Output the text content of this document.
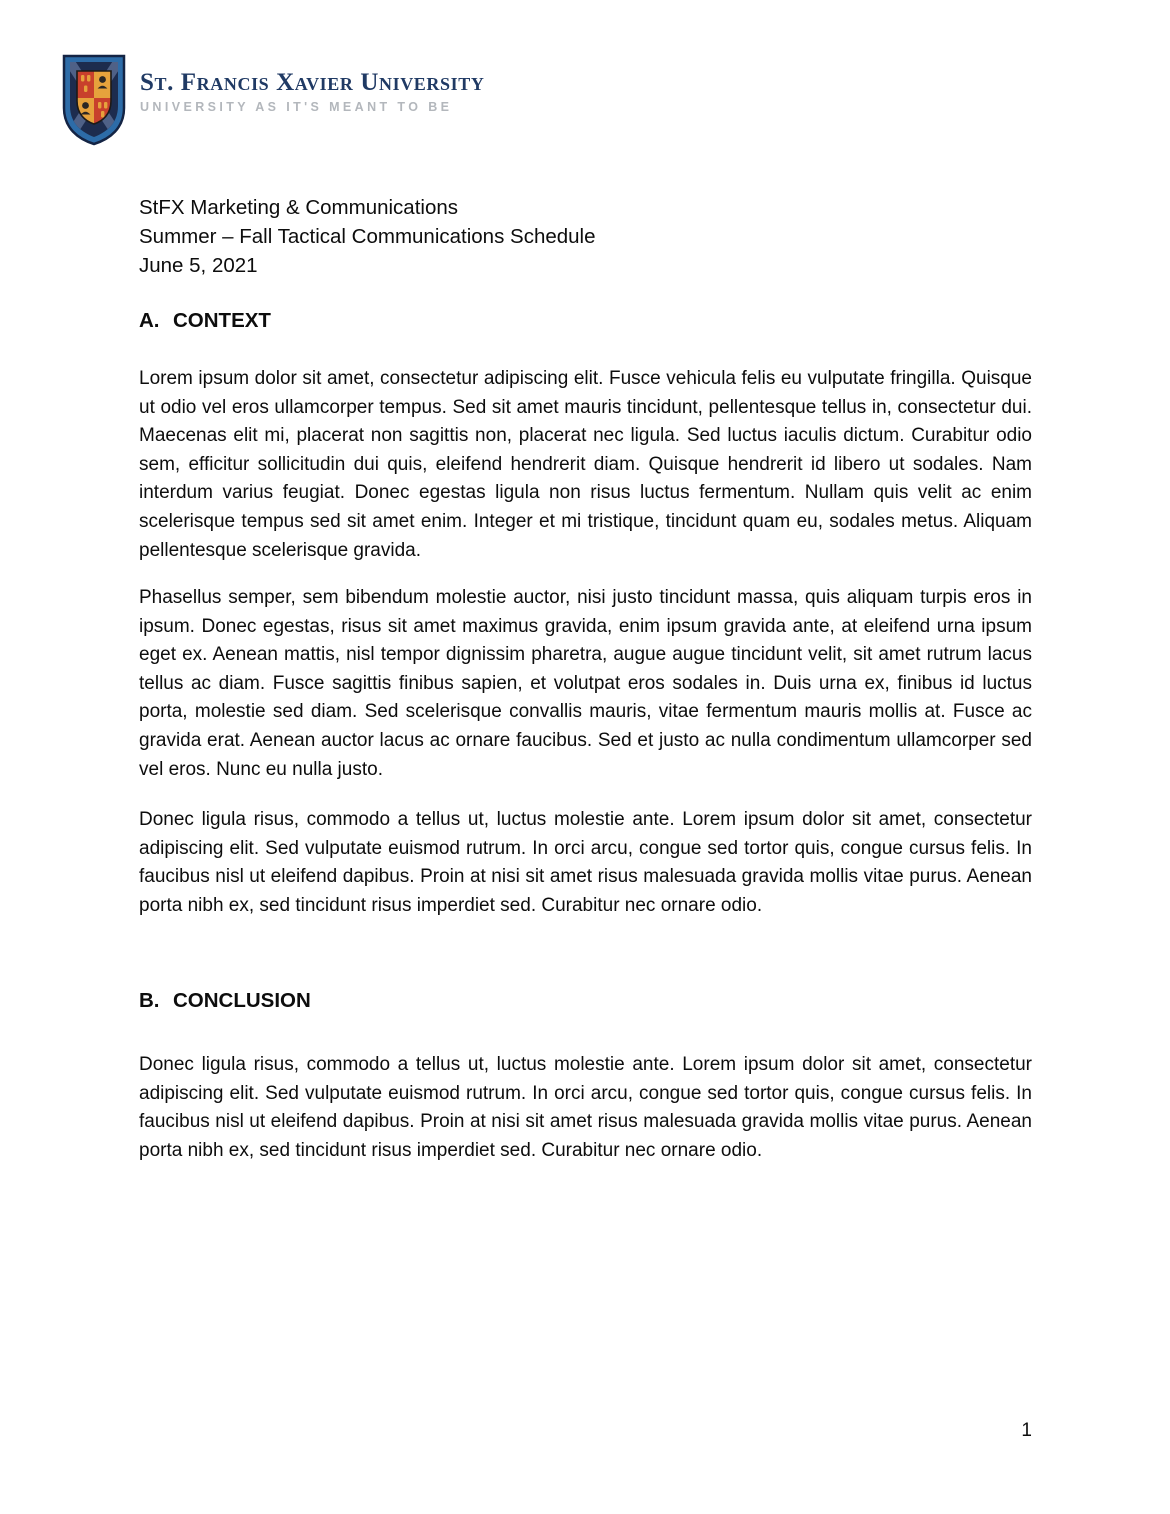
St. Francis Xavier University
UNIVERSITY AS IT'S MEANT TO BE
StFX Marketing & Communications
Summer – Fall Tactical Communications Schedule
June 5, 2021
A. CONTEXT

Lorem ipsum dolor sit amet, consectetur adipiscing elit. Fusce vehicula felis eu vulputate fringilla. Quisque ut odio vel eros ullamcorper tempus. Sed sit amet mauris tincidunt, pellentesque tellus in, consectetur dui. Maecenas elit mi, placerat non sagittis non, placerat nec ligula. Sed luctus iaculis dictum. Curabitur odio sem, efficitur sollicitudin dui quis, eleifend hendrerit diam. Quisque hendrerit id libero ut sodales. Nam interdum varius feugiat. Donec egestas ligula non risus luctus fermentum. Nullam quis velit ac enim scelerisque tempus sed sit amet enim. Integer et mi tristique, tincidunt quam eu, sodales metus. Aliquam pellentesque scelerisque gravida.

Phasellus semper, sem bibendum molestie auctor, nisi justo tincidunt massa, quis aliquam turpis eros in ipsum. Donec egestas, risus sit amet maximus gravida, enim ipsum gravida ante, at eleifend urna ipsum eget ex. Aenean mattis, nisl tempor dignissim pharetra, augue augue tincidunt velit, sit amet rutrum lacus tellus ac diam. Fusce sagittis finibus sapien, et volutpat eros sodales in. Duis urna ex, finibus id luctus porta, molestie sed diam. Sed scelerisque convallis mauris, vitae fermentum mauris mollis at. Fusce ac gravida erat. Aenean auctor lacus ac ornare faucibus. Sed et justo ac nulla condimentum ullamcorper sed vel eros. Nunc eu nulla justo.

Donec ligula risus, commodo a tellus ut, luctus molestie ante. Lorem ipsum dolor sit amet, consectetur adipiscing elit. Sed vulputate euismod rutrum. In orci arcu, congue sed tortor quis, congue cursus felis. In faucibus nisl ut eleifend dapibus. Proin at nisi sit amet risus malesuada gravida mollis vitae purus. Aenean porta nibh ex, sed tincidunt risus imperdiet sed. Curabitur nec ornare odio.

B. CONCLUSION

Donec ligula risus, commodo a tellus ut, luctus molestie ante. Lorem ipsum dolor sit amet, consectetur adipiscing elit. Sed vulputate euismod rutrum. In orci arcu, congue sed tortor quis, congue cursus felis. In faucibus nisl ut eleifend dapibus. Proin at nisi sit amet risus malesuada gravida mollis vitae purus. Aenean porta nibh ex, sed tincidunt risus imperdiet sed. Curabitur nec ornare odio.

1
